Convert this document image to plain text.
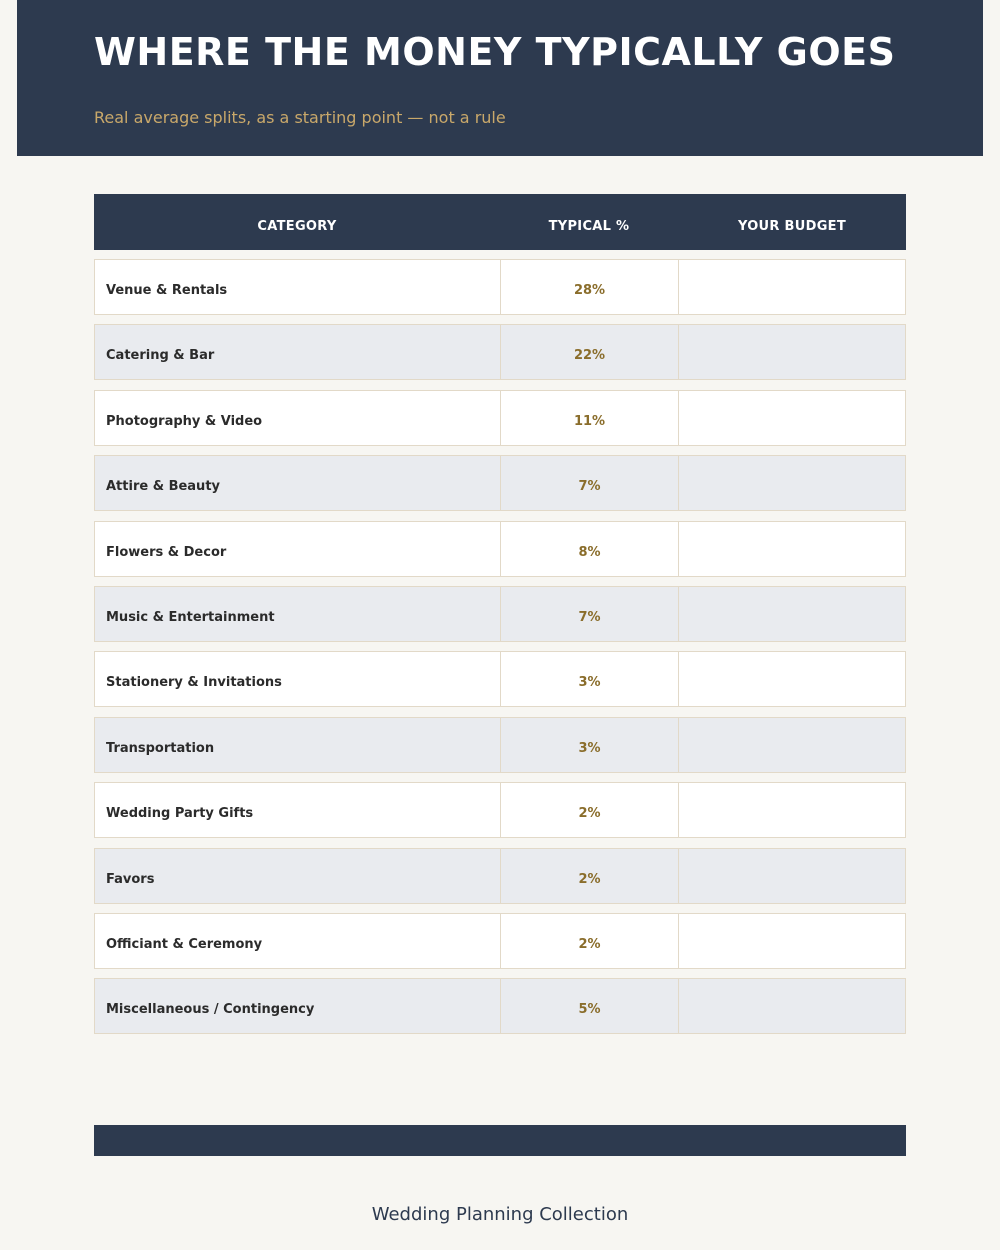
WHERE THE MONEY TYPICALLY GOES

Real average splits, as a starting point — not a rule

CATEGORY	TYPICAL %	YOUR BUDGET
Venue & Rentals	28%
Catering & Bar	22%
Photography & Video	11%
Attire & Beauty	7%
Flowers & Decor	8%
Music & Entertainment	7%
Stationery & Invitations	3%
Transportation	3%
Wedding Party Gifts	2%
Favors	2%
Officiant & Ceremony	2%
Miscellaneous / Contingency	5%
Wedding Planning Collection
